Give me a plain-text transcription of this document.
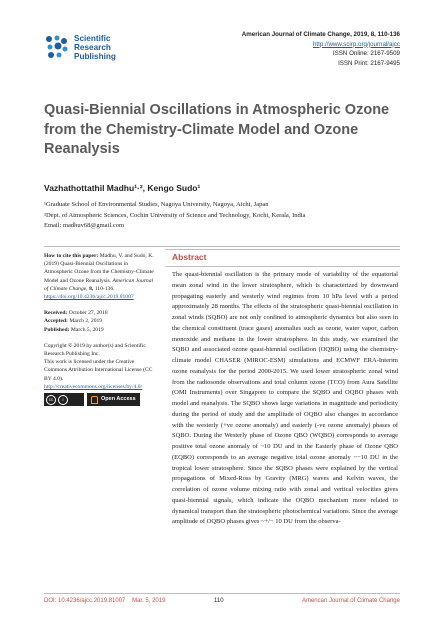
Scientific
Research
Publishing
American Journal of Climate Change, 2019, 8, 110-136
http://www.scirp.org/journal/ajcc
ISSN Online: 2167-9509
ISSN Print: 2167-9495
Quasi-Biennial Oscillations in Atmospheric Ozone from the Chemistry-Climate Model and Ozone Reanalysis
Vazhathottathil Madhu¹·², Kengo Sudo¹
¹Graduate School of Environmental Studies, Nagoya University, Nagoya, Aichi, Japan
²Dept. of Atmospheric Sciences, Cochin University of Science and Technology, Kochi, Kerala, India
Email: madhuv68@gmail.com
How to cite this paper: Madhu, V. and Sudo, K. (2019) Quasi-Biennial Oscillations in Atmospheric Ozone from the Chemistry-Climate Model and Ozone Reanalysis. American Journal of Climate Change, 8, 110-136.
https://doi.org/10.4236/ajcc.2019.81007
Received: October 27, 2018
Accepted: March 2, 2019
Published: March 5, 2019
Copyright © 2019 by author(s) and Scientific Research Publishing Inc.
This work is licensed under the Creative Commons Attribution International License (CC BY 4.0).
http://creativecommons.org/licenses/by/4.0/
cc	i	Open Access
Abstract

The quasi-biennial oscillation is the primary mode of variability of the equatorial mean zonal wind in the lower stratosphere, which is characterized by downward propagating easterly and westerly wind regimes from 10 hPa level with a period approximately 28 months. The effects of the stratospheric quasi-biennial oscillation in zonal winds (SQBO) are not only confined to atmospheric dynamics but also seen in the chemical constituent (trace gases) anomalies such as ozone, water vapor, carbon monoxide and methane in the lower stratosphere. In this study, we examined the SQBO and associated ozone quasi-biennial oscillation (OQBO) using the chemistry-climate model CHASER (MIROC-ESM) simulations and ECMWF ERA-Interim ozone reanalysis for the period 2000-2015. We used lower stratospheric zonal wind from the radiosonde observations and total column ozone (TCO) from Aura Satellite (OMI Instruments) over Singapore to compare the SQBO and OQBO phases with model and reanalysis. The SQBO shows large variations in magnitude and periodicity during the period of study and the amplitude of OQBO also changes in accordance with the westerly (+ve ozone anomaly) and easterly (-ve ozone anomaly) phases of SQBO. During the Westerly phase of Ozone QBO (WQBO) corresponds to average positive total ozone anomaly of ~10 DU and in the Easterly phase of Ozone QBO (EQBO) corresponds to an average negative total ozone anomaly ~−10 DU in the tropical lower stratosphere. Since the SQBO phases were explained by the vertical propagations of Mixed-Ross by Gravity (MRG) waves and Kelvin waves, the correlation of ozone volume mixing ratio with zonal and vertical velocities gives quasi-biennial signals, which indicate the OQBO mechanism more related to dynamical transport than the stratospheric photochemical variations. Since the average amplitude of OQBO phases gives ~+/− 10 DU from the observa-

DOI: 10.4236/ajcc.2019.81007 Mar. 5, 2019	110	American Journal of Climate Change
